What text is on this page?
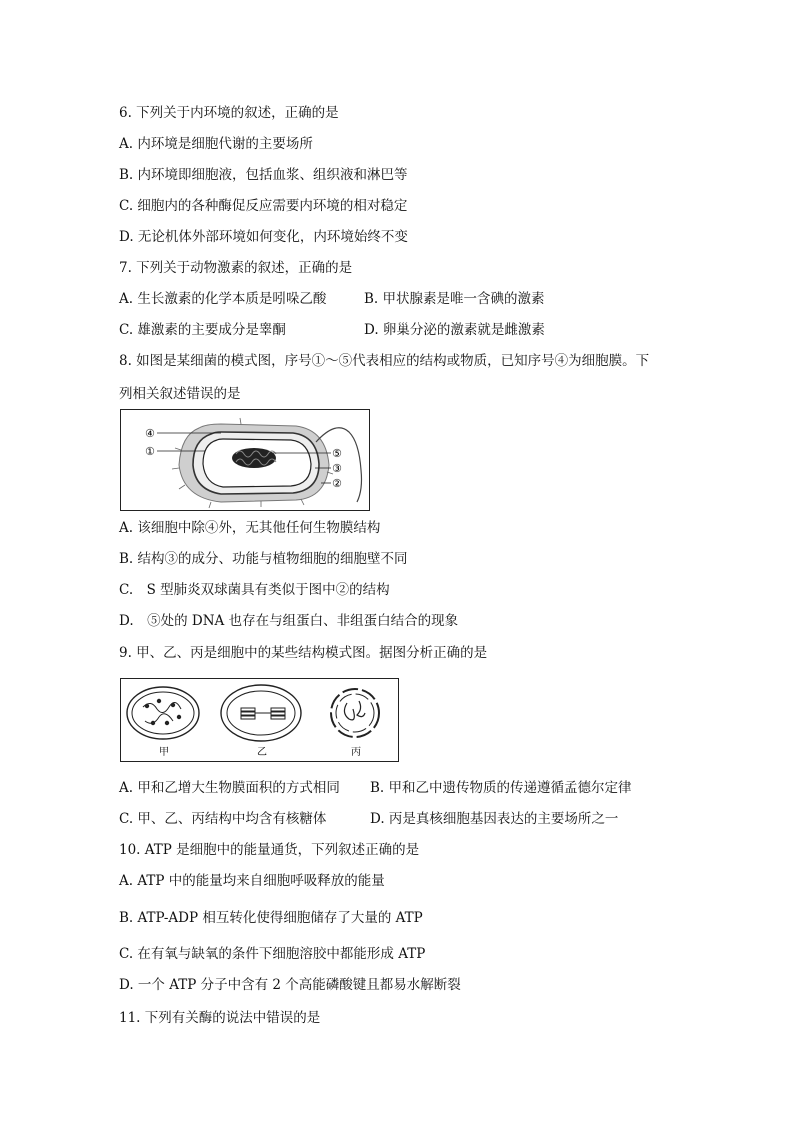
6. 下列关于内环境的叙述，正确的是
A. 内环境是细胞代谢的主要场所
B. 内环境即细胞液，包括血浆、组织液和淋巴等
C. 细胞内的各种酶促反应需要内环境的相对稳定
D. 无论机体外部环境如何变化，内环境始终不变
7. 下列关于动物激素的叙述，正确的是
A. 生长激素的化学本质是吲哚乙酸	B. 甲状腺素是唯一含碘的激素
C. 雄激素的主要成分是睾酮	D. 卵巢分泌的激素就是雌激素
8. 如图是某细菌的模式图，序号①～⑤代表相应的结构或物质，已知序号④为细胞膜。下
列相关叙述错误的是
④
①	⑤
③
②
A. 该细胞中除④外，无其他任何生物膜结构
B. 结构③的成分、功能与植物细胞的细胞壁不同
C.　S 型肺炎双球菌具有类似于图中②的结构
D.　⑤处的 DNA 也存在与组蛋白、非组蛋白结合的现象
9. 甲、乙、丙是细胞中的某些结构模式图。据图分析正确的是
甲	乙	丙
A. 甲和乙增大生物膜面积的方式相同 B. 甲和乙中遗传物质的传递遵循孟德尔定律
C. 甲、乙、丙结构中均含有核糖体	D. 丙是真核细胞基因表达的主要场所之一
10. ATP 是细胞中的能量通货，下列叙述正确的是
A. ATP 中的能量均来自细胞呼吸释放的能量
B. ATP-ADP 相互转化使得细胞储存了大量的 ATP
C. 在有氧与缺氧的条件下细胞溶胶中都能形成 ATP
D. 一个 ATP 分子中含有 2 个高能磷酸键且都易水解断裂
11. 下列有关酶的说法中错误的是
